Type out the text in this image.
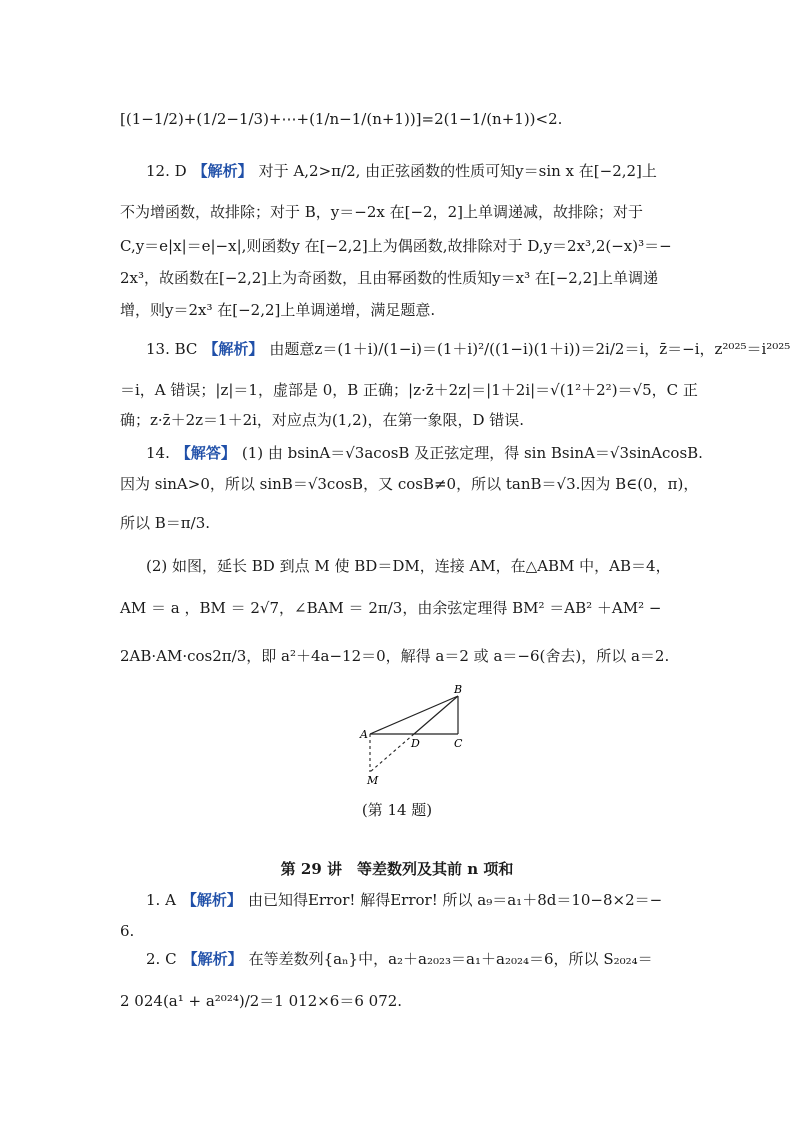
[(1−1/2)+(1/2−1/3)+⋯+(1/n−1/(n+1))]=2(1−1/(n+1))<2.
12. D 【解析】 对于 A,2>π/2, 由正弦函数的性质可知y＝sin x 在[−2,2]上
不为增函数，故排除；对于 B，y＝−2x 在[−2，2]上单调递减，故排除；对于
C,y＝e|x|＝e|−x|,则函数y 在[−2,2]上为偶函数,故排除对于 D,y＝2x³,2(−x)³＝−
2x³，故函数在[−2,2]上为奇函数，且由幂函数的性质知y＝x³ 在[−2,2]上单调递
增，则y＝2x³ 在[−2,2]上单调递增，满足题意.
13. BC 【解析】 由题意z＝(1＋i)/(1−i)＝(1＋i)²/((1−i)(1＋i))＝2i/2＝i，z̄＝−i，z²⁰²⁵＝i²⁰²⁵
＝i，A 错误；|z|＝1，虚部是 0，B 正确；|z·z̄＋2z|＝|1＋2i|＝√(1²＋2²)＝√5，C 正
确；z·z̄＋2z＝1＋2i，对应点为(1,2)，在第一象限，D 错误.
14. 【解答】 (1) 由 bsinA＝√3acosB 及正弦定理，得 sin BsinA＝√3sinAcosB.
因为 sinA>0，所以 sinB＝√3cosB，又 cosB≠0，所以 tanB＝√3.因为 B∈(0，π)，
所以 B＝π/3.
(2) 如图，延长 BD 到点 M 使 BD＝DM，连接 AM，在△ABM 中，AB＝4，
AM ＝ a ，BM ＝ 2√7，∠BAM ＝ 2π/3，由余弦定理得 BM² ＝AB² ＋AM² −
2AB·AM·cos2π/3，即 a²＋4a−12＝0，解得 a＝2 或 a＝−6(舍去)，所以 a＝2.
A
B
C
D
M
(第 14 题)
第 29 讲　等差数列及其前 n 项和
1. A 【解析】 由已知得Error! 解得Error! 所以 a₉＝a₁＋8d＝10−8×2＝−
6.
2. C 【解析】 在等差数列{aₙ}中，a₂＋a₂₀₂₃＝a₁＋a₂₀₂₄＝6，所以 S₂₀₂₄＝
2 024(a¹ + a²⁰²⁴)/2＝1 012×6＝6 072.
